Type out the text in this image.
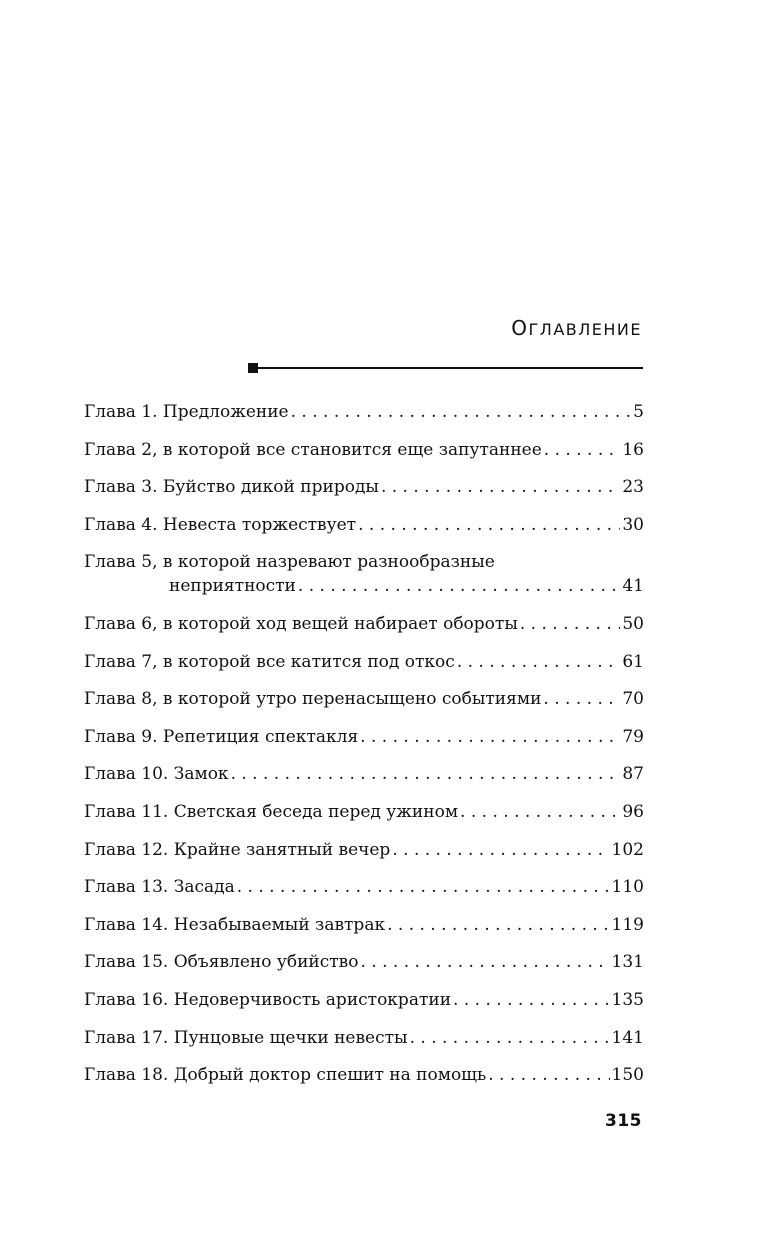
ОГЛАВЛЕНИЕ
Глава 1. Предложение . . .	5
Глава 2, в которой все становится еще запутаннее . . .	16
Глава 3. Буйство дикой природы . . .	23
Глава 4. Невеста торжествует . . .	30
Глава 5, в которой назревают разнообразные
неприятности . . .	41
Глава 6, в которой ход вещей набирает обороты . . .	50
Глава 7, в которой все катится под откос . . .	61
Глава 8, в которой утро перенасыщено событиями . . .	70
Глава 9. Репетиция спектакля . . .	79
Глава 10. Замок . . .	87
Глава 11. Светская беседа перед ужином . . .	96
Глава 12. Крайне занятный вечер . . .	102
Глава 13. Засада . . .	110
Глава 14. Незабываемый завтрак . . .	119
Глава 15. Объявлено убийство . . .	131
Глава 16. Недоверчивость аристократии . . .	135
Глава 17. Пунцовые щечки невесты . . .	141
Глава 18. Добрый доктор спешит на помощь . . .	150
315
